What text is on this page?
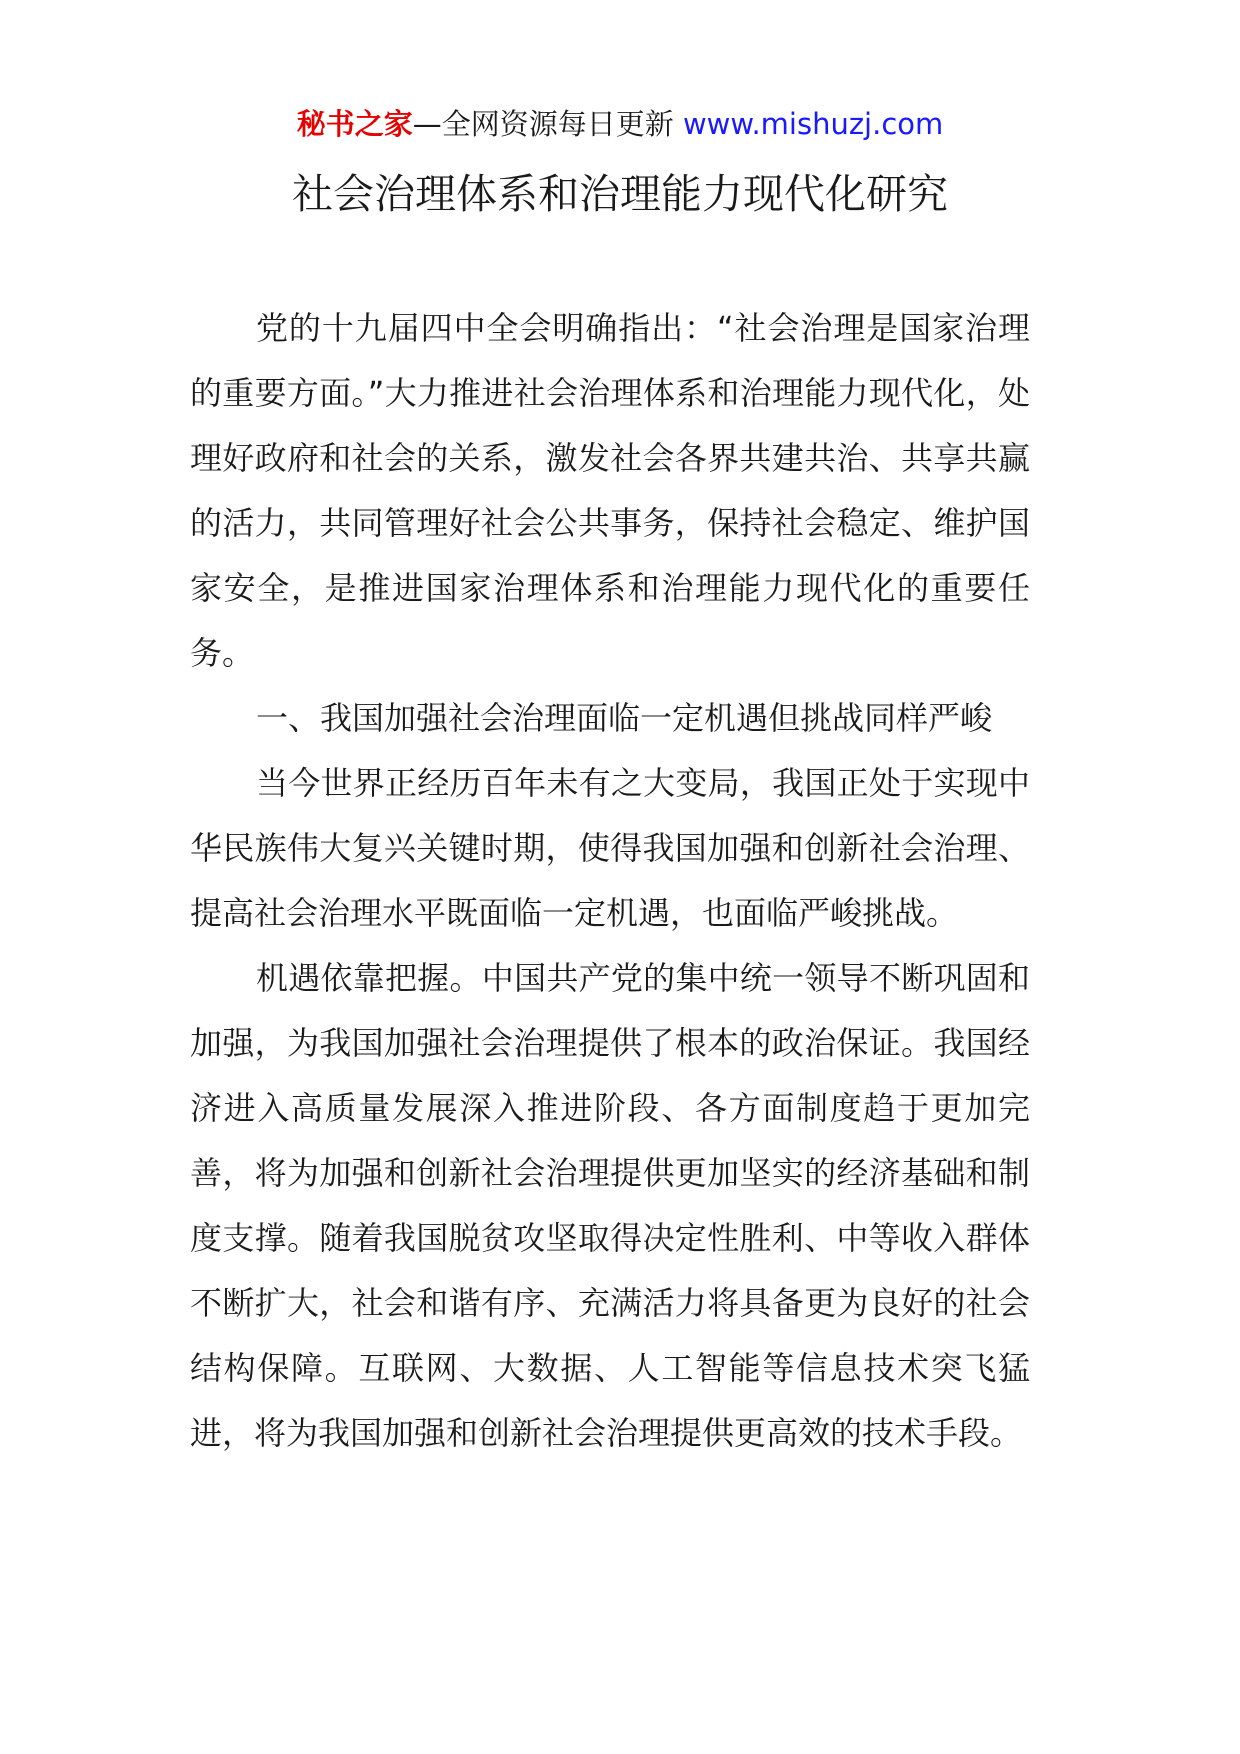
秘书之家—全网资源每日更新 www.mishuzj.com
社会治理体系和治理能力现代化研究

党的十九届四中全会明确指出：“社会治理是国家治理的重要方面。”大力推进社会治理体系和治理能力现代化，处理好政府和社会的关系，激发社会各界共建共治、共享共赢的活力，共同管理好社会公共事务，保持社会稳定、维护国家安全，是推进国家治理体系和治理能力现代化的重要任务。

一、我国加强社会治理面临一定机遇但挑战同样严峻

当今世界正经历百年未有之大变局，我国正处于实现中华民族伟大复兴关键时期，使得我国加强和创新社会治理、提高社会治理水平既面临一定机遇，也面临严峻挑战。

机遇依靠把握。中国共产党的集中统一领导不断巩固和加强，为我国加强社会治理提供了根本的政治保证。我国经济进入高质量发展深入推进阶段、各方面制度趋于更加完善，将为加强和创新社会治理提供更加坚实的经济基础和制度支撑。随着我国脱贫攻坚取得决定性胜利、中等收入群体不断扩大，社会和谐有序、充满活力将具备更为良好的社会结构保障。互联网、大数据、人工智能等信息技术突飞猛进，将为我国加强和创新社会治理提供更高效的技术手段。
